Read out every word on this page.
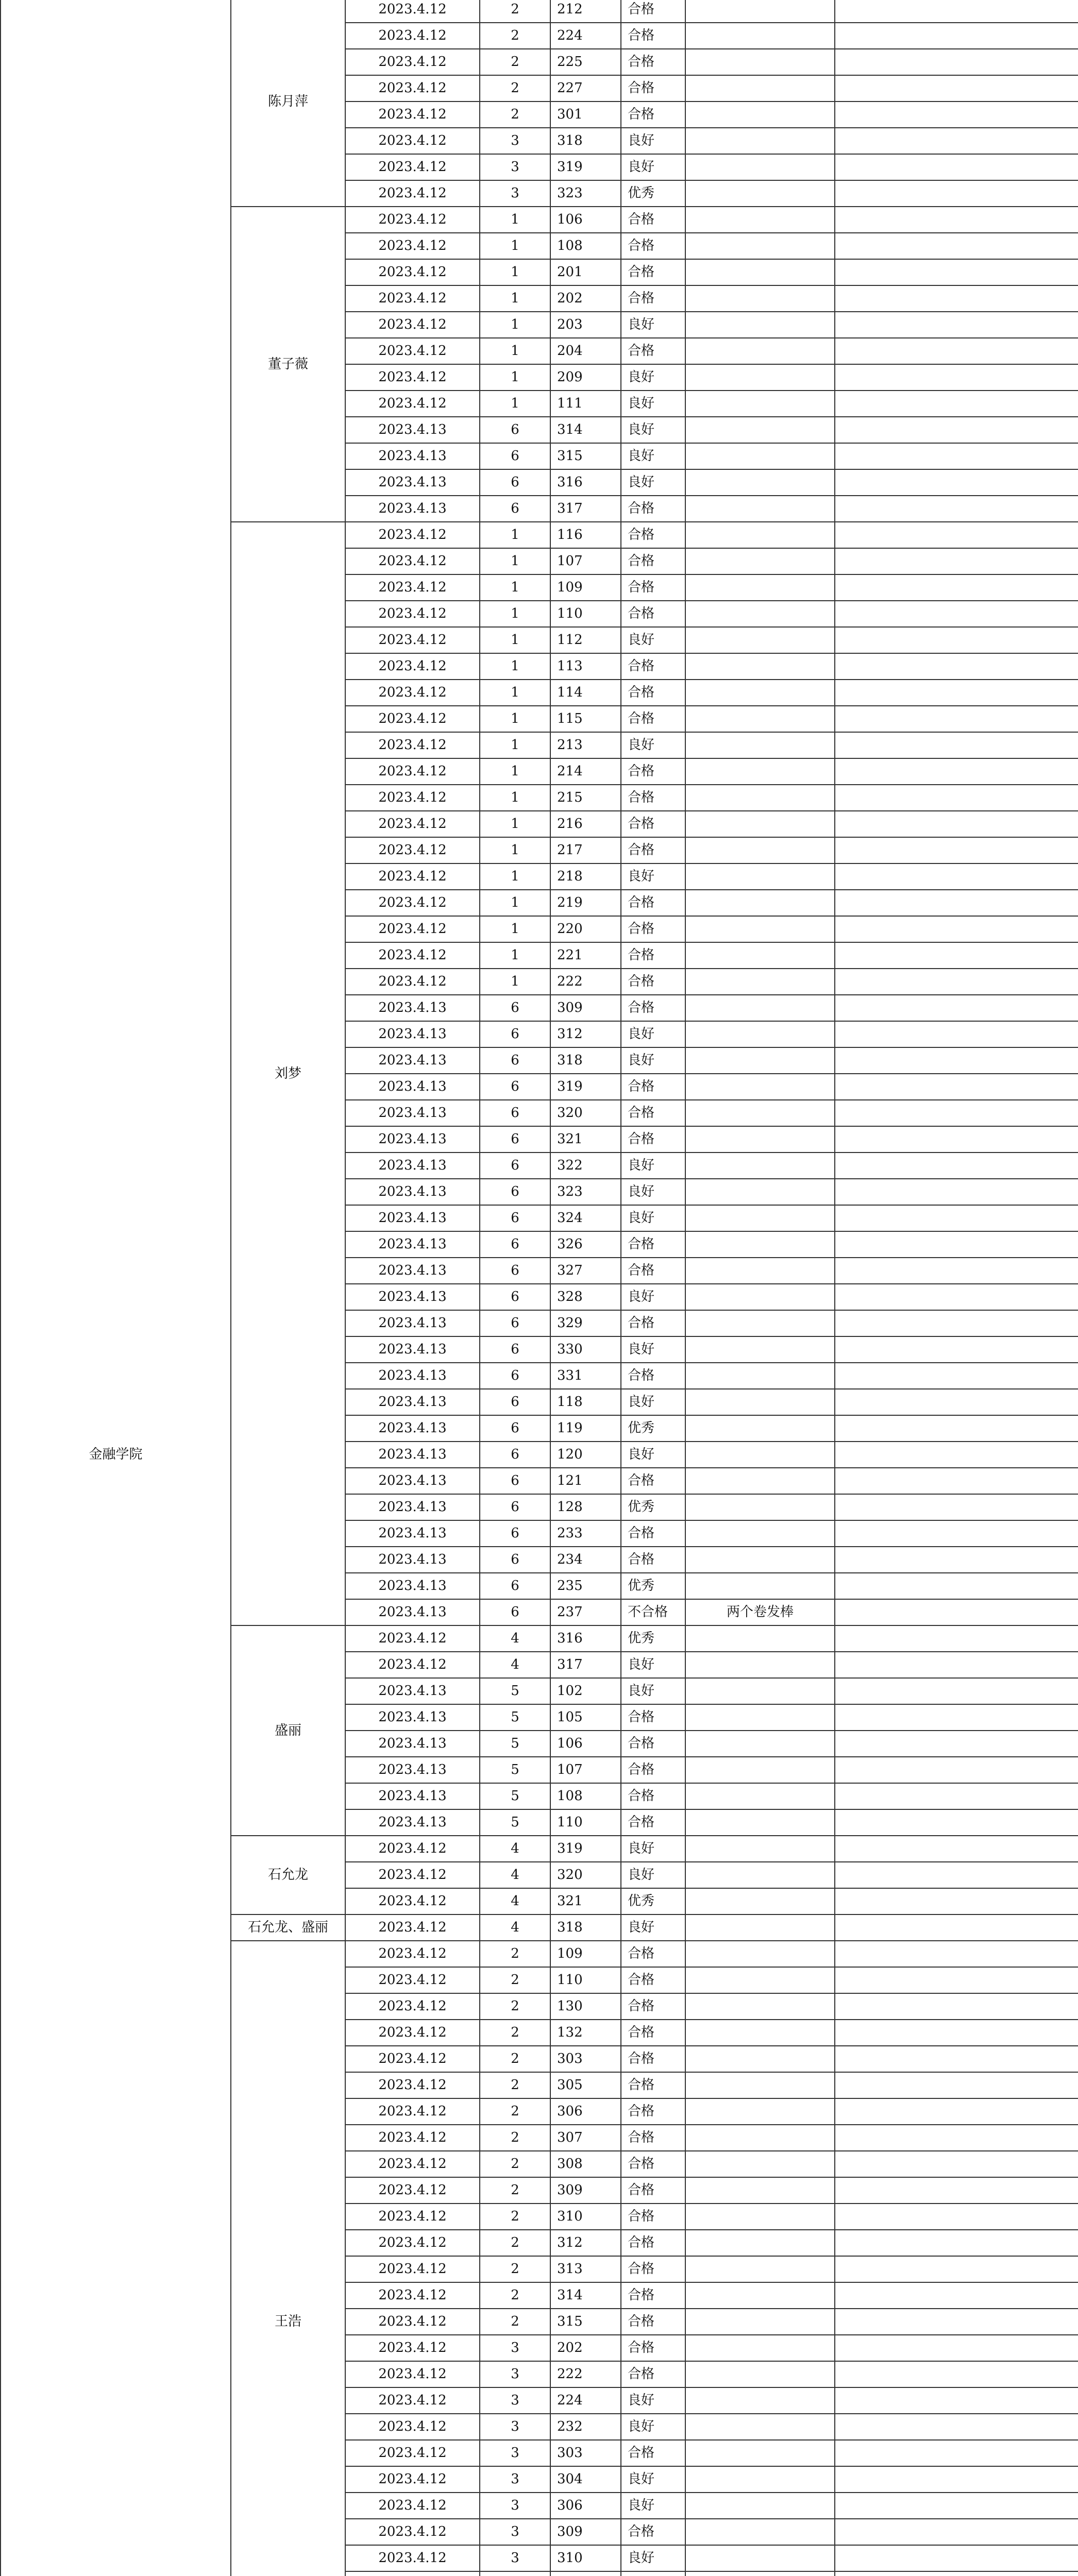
金融学院	陈月萍	2023.4.12	2	212	合格		
		2023.4.12	2	224	合格		
		2023.4.12	2	225	合格		
		2023.4.12	2	227	合格		
		2023.4.12	2	301	合格		
		2023.4.12	3	318	良好		
		2023.4.12	3	319	良好		
		2023.4.12	3	323	优秀		
	董子薇	2023.4.12	1	106	合格		
		2023.4.12	1	108	合格		
		2023.4.12	1	201	合格		
		2023.4.12	1	202	合格		
		2023.4.12	1	203	良好		
		2023.4.12	1	204	合格		
		2023.4.12	1	209	良好		
		2023.4.12	1	111	良好		
		2023.4.13	6	314	良好		
		2023.4.13	6	315	良好		
		2023.4.13	6	316	良好		
		2023.4.13	6	317	合格		
	刘梦	2023.4.12	1	116	合格		
		2023.4.12	1	107	合格		
		2023.4.12	1	109	合格		
		2023.4.12	1	110	合格		
		2023.4.12	1	112	良好		
		2023.4.12	1	113	合格		
		2023.4.12	1	114	合格		
		2023.4.12	1	115	合格		
		2023.4.12	1	213	良好		
		2023.4.12	1	214	合格		
		2023.4.12	1	215	合格		
		2023.4.12	1	216	合格		
		2023.4.12	1	217	合格		
		2023.4.12	1	218	良好		
		2023.4.12	1	219	合格		
		2023.4.12	1	220	合格		
		2023.4.12	1	221	合格		
		2023.4.12	1	222	合格		
		2023.4.13	6	309	合格		
		2023.4.13	6	312	良好		
		2023.4.13	6	318	良好		
		2023.4.13	6	319	合格		
		2023.4.13	6	320	合格		
		2023.4.13	6	321	合格		
		2023.4.13	6	322	良好		
		2023.4.13	6	323	良好		
		2023.4.13	6	324	良好		
		2023.4.13	6	326	合格		
		2023.4.13	6	327	合格		
		2023.4.13	6	328	良好		
		2023.4.13	6	329	合格		
		2023.4.13	6	330	良好		
		2023.4.13	6	331	合格		
		2023.4.13	6	118	良好		
		2023.4.13	6	119	优秀		
		2023.4.13	6	120	良好		
		2023.4.13	6	121	合格		
		2023.4.13	6	128	优秀		
		2023.4.13	6	233	合格		
		2023.4.13	6	234	合格		
		2023.4.13	6	235	优秀		
		2023.4.13	6	237	不合格	两个卷发棒	
	盛丽	2023.4.12	4	316	优秀		
		2023.4.12	4	317	良好		
		2023.4.13	5	102	良好		
		2023.4.13	5	105	合格		
		2023.4.13	5	106	合格		
		2023.4.13	5	107	合格		
		2023.4.13	5	108	合格		
		2023.4.13	5	110	合格		
	石允龙	2023.4.12	4	319	良好		
		2023.4.12	4	320	良好		
		2023.4.12	4	321	优秀		
	石允龙、盛丽	2023.4.12	4	318	良好		
	王浩	2023.4.12	2	109	合格		
		2023.4.12	2	110	合格		
		2023.4.12	2	130	合格		
		2023.4.12	2	132	合格		
		2023.4.12	2	303	合格		
		2023.4.12	2	305	合格		
		2023.4.12	2	306	合格		
		2023.4.12	2	307	合格		
		2023.4.12	2	308	合格		
		2023.4.12	2	309	合格		
		2023.4.12	2	310	合格		
		2023.4.12	2	312	合格		
		2023.4.12	2	313	合格		
		2023.4.12	2	314	合格		
		2023.4.12	2	315	合格		
		2023.4.12	3	202	合格		
		2023.4.12	3	222	合格		
		2023.4.12	3	224	良好		
		2023.4.12	3	232	良好		
		2023.4.12	3	303	合格		
		2023.4.12	3	304	良好		
		2023.4.12	3	306	良好		
		2023.4.12	3	309	合格		
		2023.4.12	3	310	良好		
